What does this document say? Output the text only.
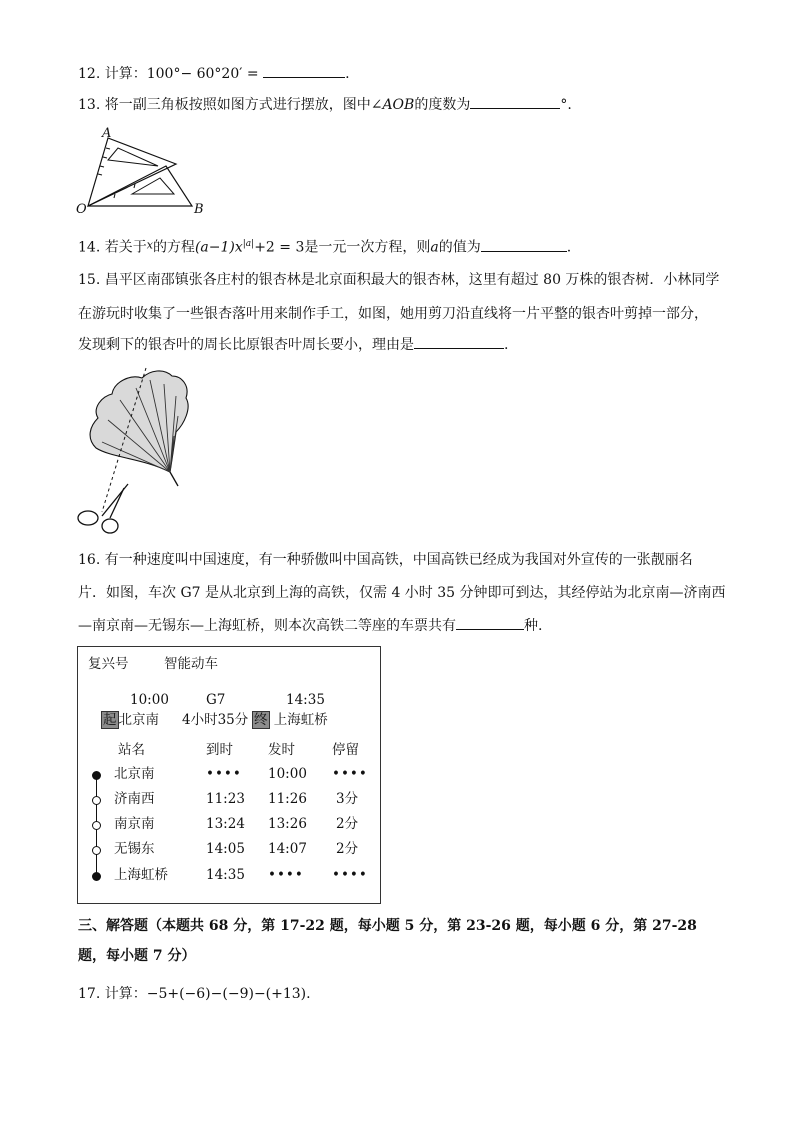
12. 计算：100°− 60°20′ =	.
13. 将一副三角板按照如图方式进行摆放，图中∠AOB的度数为	°.
A
O	B
14. 若关于$^x$的方程$(a-1)x^{|a|}+2 = 3$是一元一次方程，则a的值为	.
15. 昌平区南邵镇张各庄村的银杏林是北京面积最大的银杏林，这里有超过 80 万株的银杏树．小林同学
在游玩时收集了一些银杏落叶用来制作手工，如图，她用剪刀沿直线将一片平整的银杏叶剪掉一部分，
发现剩下的银杏叶的周长比原银杏叶周长要小，理由是	.
16. 有一种速度叫中国速度，有一种骄傲叫中国高铁，中国高铁已经成为我国对外宣传的一张靓丽名
片．如图，车次 G7 是从北京到上海的高铁，仅需 4 小时 35 分钟即可到达，其经停站为北京南—济南西
—南京南—无锡东—上海虹桥，则本次高铁二等座的车票共有	种.
复兴号	智能动车
10:00	G7	14:35
起 北京南 4小时35分 终 上海虹桥
站名	到时	发时	停留
北京南	•••• 10:00 ••••
济南西	11:23 11:26 3分
南京南	13:24 13:26 2分
无锡东	14:05 14:07 2分
上海虹桥	14:35 •••• ••••
三、解答题（本题共 68 分，第 17-22 题，每小题 5 分，第 23-26 题，每小题 6 分，第 27-28
题，每小题 7 分）
17. 计算：−5+(−6)−(−9)−(+13).
